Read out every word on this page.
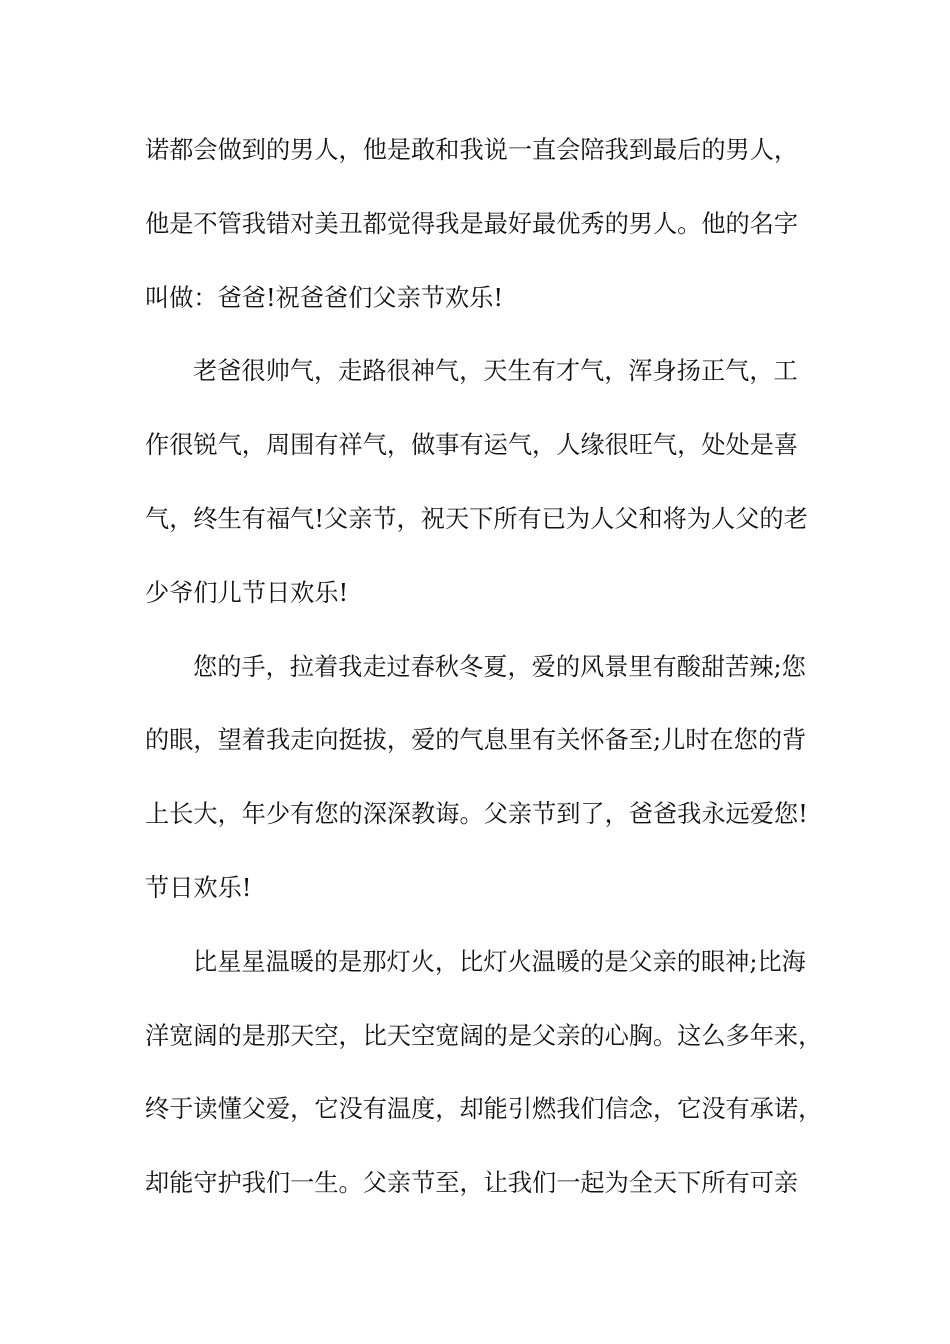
诺都会做到的男人，他是敢和我说一直会陪我到最后的男人，
他是不管我错对美丑都觉得我是最好最优秀的男人。他的名字
叫做：爸爸!祝爸爸们父亲节欢乐!
老爸很帅气，走路很神气，天生有才气，浑身扬正气，工
作很锐气，周围有祥气，做事有运气，人缘很旺气，处处是喜
气，终生有福气!父亲节，祝天下所有已为人父和将为人父的老
少爷们儿节日欢乐!
您的手，拉着我走过春秋冬夏，爱的风景里有酸甜苦辣;您
的眼，望着我走向挺拔，爱的气息里有关怀备至;儿时在您的背
上长大，年少有您的深深教诲。父亲节到了，爸爸我永远爱您!
节日欢乐!
比星星温暖的是那灯火，比灯火温暖的是父亲的眼神;比海
洋宽阔的是那天空，比天空宽阔的是父亲的心胸。这么多年来，
终于读懂父爱，它没有温度，却能引燃我们信念，它没有承诺，
却能守护我们一生。父亲节至，让我们一起为全天下所有可亲
